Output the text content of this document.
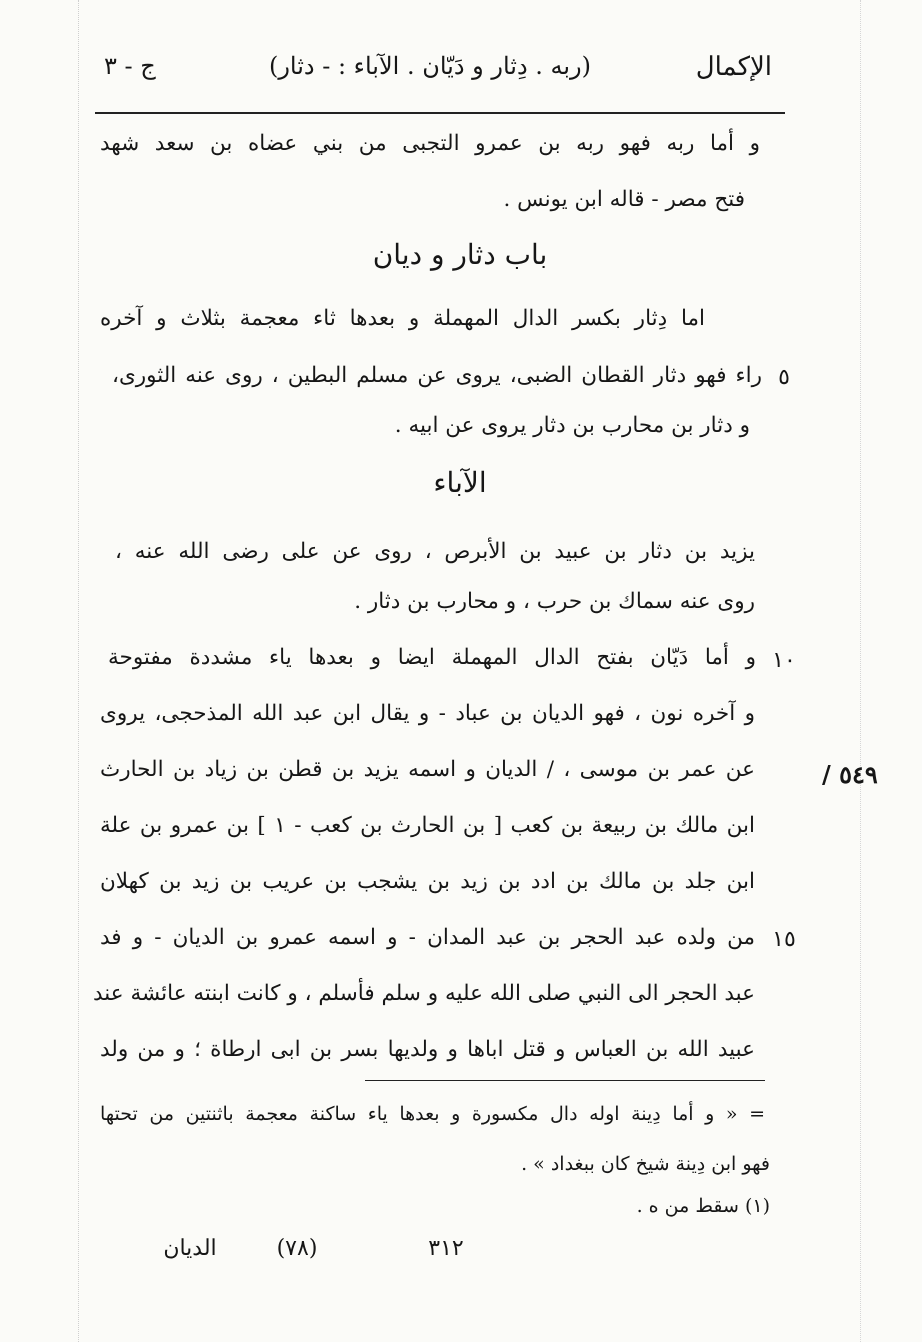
ج - ٣	(ربه . دِثار و دَيّان . الآباء : - دثار)	الإكمال
و أما ربه فهو ربه بن عمرو التجبى من بني عضاه بن سعد شهد
فتح مصر - قاله ابن يونس .
باب دثار و ديان
اما دِثار بكسر الدال المهملة و بعدها ثاء معجمة بثلاث و آخره
٥
راء فهو دثار القطان الضبى، يروى عن مسلم البطين ، روى عنه الثورى،
و دثار بن محارب بن دثار يروى عن ابيه .
الآباء
يزيد بن دثار بن عبيد بن الأبرص ، روى عن على رضى الله عنه ،
روى عنه سماك بن حرب ، و محارب بن دثار .
١٠
و أما دَيّان بفتح الدال المهملة ايضا و بعدها ياء مشددة مفتوحة
و آخره نون ، فهو الديان بن عباد - و يقال ابن عبد الله المذحجى، يروى
عن عمر بن موسى ، / الديان و اسمه يزيد بن قطن بن زياد بن الحارث	٥٤٩ /
ابن مالك بن ربيعة بن كعب [ بن الحارث بن كعب - ١ ] بن عمرو بن علة
ابن جلد بن مالك بن ادد بن زيد بن يشجب بن عريب بن زيد بن كهلان
١٥
من ولده عبد الحجر بن عبد المدان - و اسمه عمرو بن الديان - و فد
عبد الحجر الى النبي صلى الله عليه و سلم فأسلم ، و كانت ابنته عائشة عند
عبيد الله بن العباس و قتل اباها و ولديها بسر بن ابى ارطاة ؛ و من ولد
= « و أما دِينة اوله دال مكسورة و بعدها ياء ساكنة معجمة باثنتين من تحتها
فهو ابن دِينة شيخ كان ببغداد » .
(١) سقط من ه .
الديان	(٧٨)	٣١٢
